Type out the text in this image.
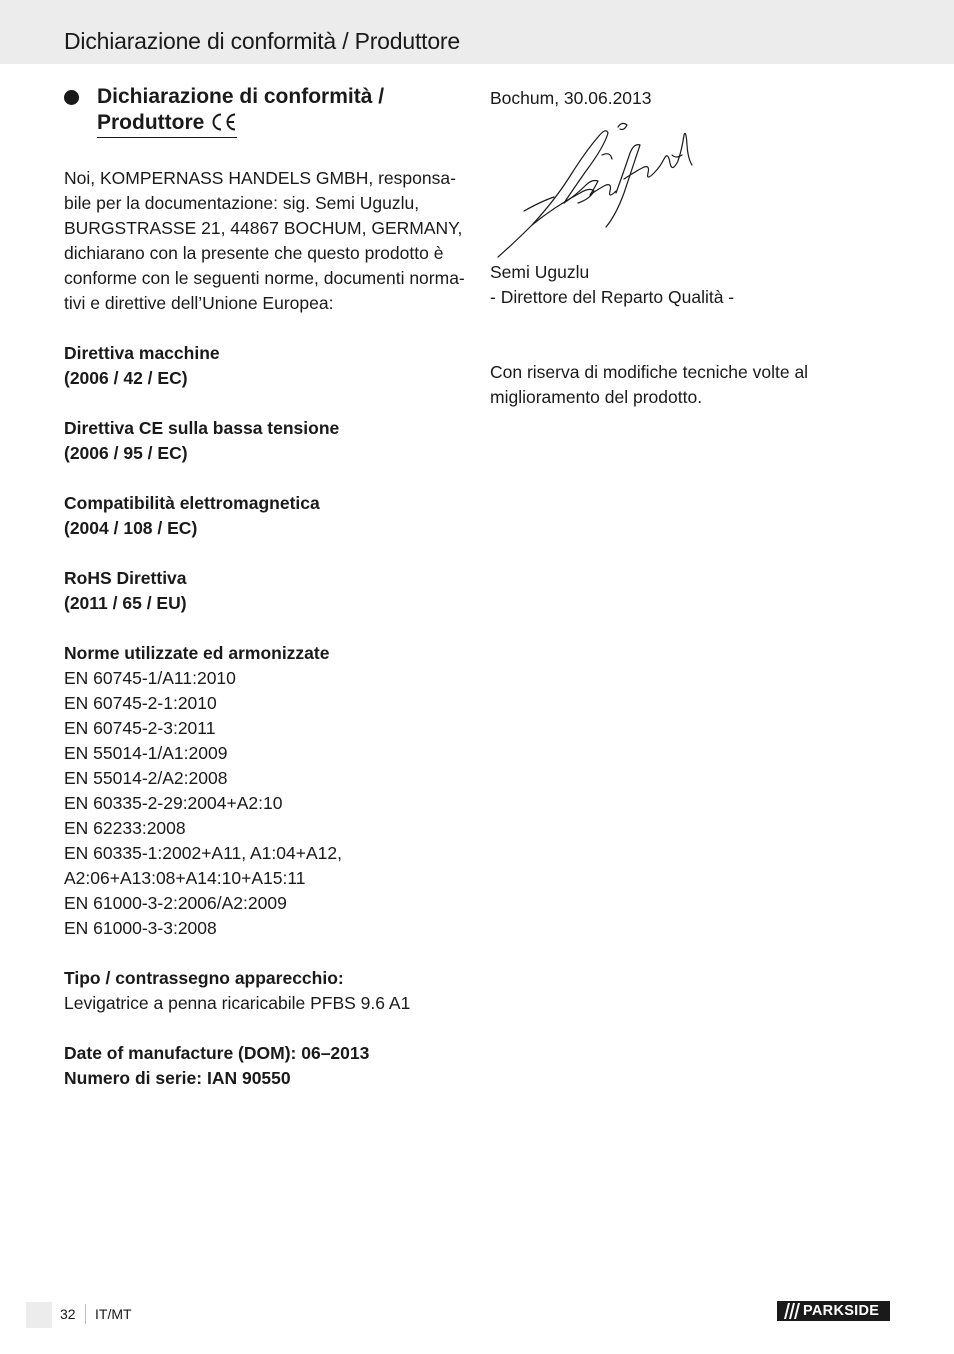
Dichiarazione di conformità / Produttore
Dichiarazione di conformità /
Produttore

Noi, KOMPERNASS HANDELS GMBH, responsa-

bile per la documentazione: sig. Semi Uguzlu,

BURGSTRASSE 21, 44867 BOCHUM, GERMANY,

dichiarano con la presente che questo prodotto è

conforme con le seguenti norme, documenti norma-

tivi e direttive dell’Unione Europea:

Direttiva macchine

(2006 / 42 / EC)

Direttiva CE sulla bassa tensione

(2006 / 95 / EC)

Compatibilità elettromagnetica

(2004 / 108 / EC)

RoHS Direttiva

(2011 / 65 / EU)

Norme utilizzate ed armonizzate

EN 60745-1/A11:2010

EN 60745-2-1:2010

EN 60745-2-3:2011

EN 55014-1/A1:2009

EN 55014-2/A2:2008

EN 60335-2-29:2004+A2:10

EN 62233:2008

EN 60335-1:2002+A11, A1:04+A12,

A2:06+A13:08+A14:10+A15:11

EN 61000-3-2:2006/A2:2009

EN 61000-3-3:2008

Tipo / contrassegno apparecchio:

Levigatrice a penna ricaricabile PFBS 9.6 A1

Date of manufacture (DOM): 06–2013

Numero di serie: IAN 90550

Bochum, 30.06.2013

Semi Uguzlu

- Direttore del Reparto Qualità -

Con riserva di modifiche tecniche volte al

miglioramento del prodotto.

32 IT/MT	PARKSIDE
